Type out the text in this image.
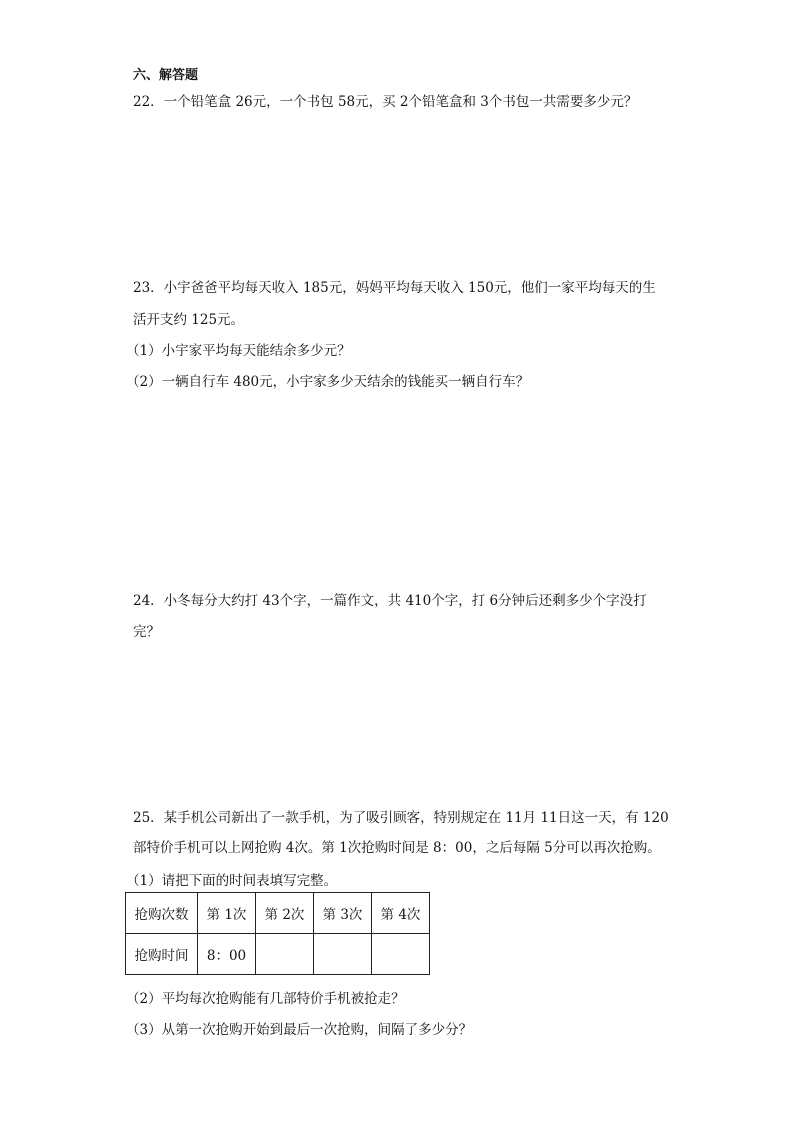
六、解答题
22．一个铅笔盒 26元，一个书包 58元，买 2个铅笔盒和 3个书包一共需要多少元？
23．小宇爸爸平均每天收入 185元，妈妈平均每天收入 150元，他们一家平均每天的生
活开支约 125元。
（1）小宇家平均每天能结余多少元？
（2）一辆自行车 480元，小宇家多少天结余的钱能买一辆自行车？
24．小冬每分大约打 43个字，一篇作文，共 410个字，打 6分钟后还剩多少个字没打
完？
25．某手机公司新出了一款手机，为了吸引顾客，特别规定在 11月 11日这一天，有 120
部特价手机可以上网抢购 4次。第 1次抢购时间是 8：00，之后每隔 5分可以再次抢购。
（1）请把下面的时间表填写完整。
抢购次数	第 1次	第 2次	第 3次	第 4次
抢购时间	8：00			
（2）平均每次抢购能有几部特价手机被抢走？
（3）从第一次抢购开始到最后一次抢购，间隔了多少分？
